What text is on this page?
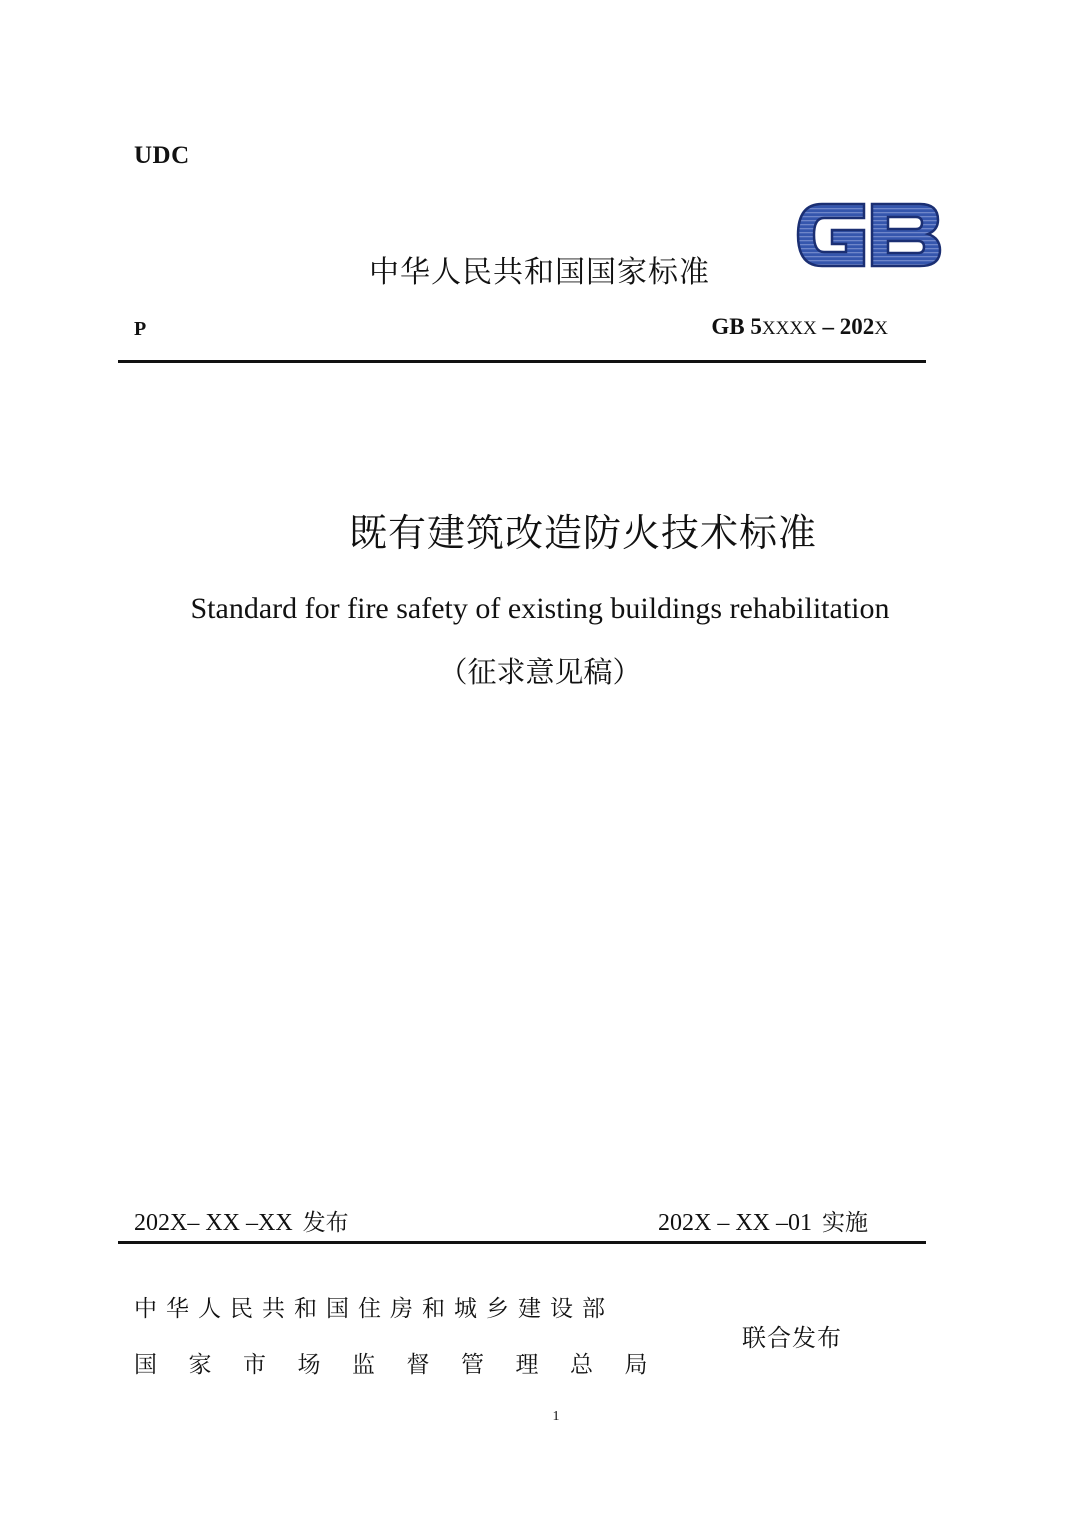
UDC
中华人民共和国国家标准
P	GB 5XXXX – 202X
既有建筑改造防火技术标准
Standard for fire safety of existing buildings rehabilitation
（征求意见稿）
202X– XX –XX 发布	202X – XX –01 实施
中华人民共和国住房和城乡建设部
国家市场监督管理总局
联合发布
1
